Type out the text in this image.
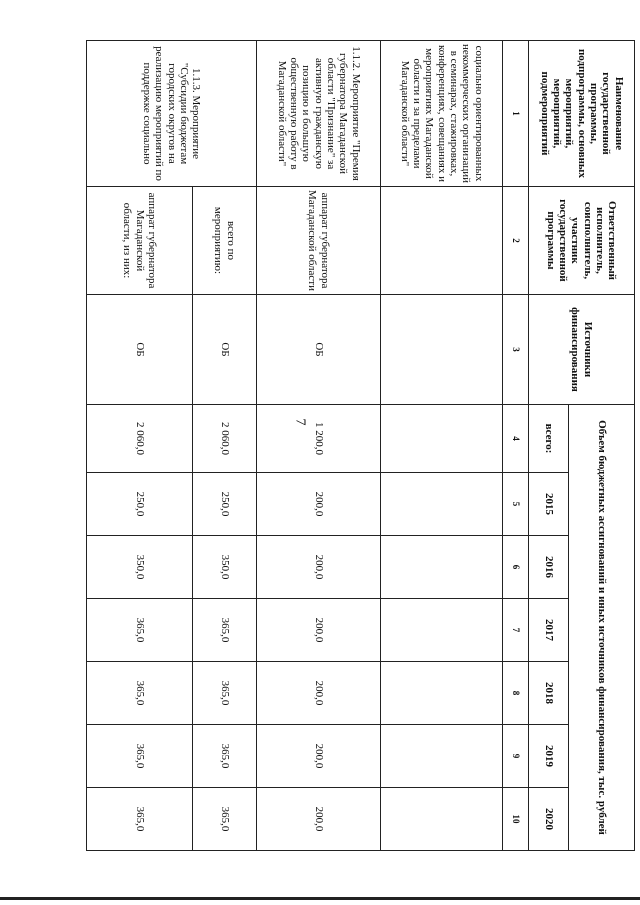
7
Наименование государственной программы, подпрограммы, основных мероприятий, мероприятий, подмероприятий	Ответственный исполнитель, соисполнитель, участник государственной программы	Источники финансирования	Объем бюджетных ассигнований и иных источников финансирования, тыс. рублей						
			всего:	2015	2016	2017	2018	2019	2020
1	2	3	4	5	6	7	8	9	10
социально ориентированных некоммерческих организаций в семинарах, стажировках, конференциях, совещаниях и мероприятиях Магаданской области и за пределами Магаданской области"									
1.1.2. Мероприятие "Премия губернатора Магаданской области "Признание" за активную гражданскую позицию и большую общественную работу в Магаданской области"	аппарат губернатора Магаданской области	ОБ	1 200,0	200,0	200,0	200,0	200,0	200,0	200,0
1.1.3. Мероприятие "Субсидии бюджетам городских округов на реализацию мероприятий по поддержке социально	всего по мероприятию:	ОБ	2 060,0	250,0	350,0	365,0	365,0	365,0	365,0
	аппарат губернатора Магаданской области, из них:	ОБ	2 060,0	250,0	350,0	365,0	365,0	365,0	365,0
